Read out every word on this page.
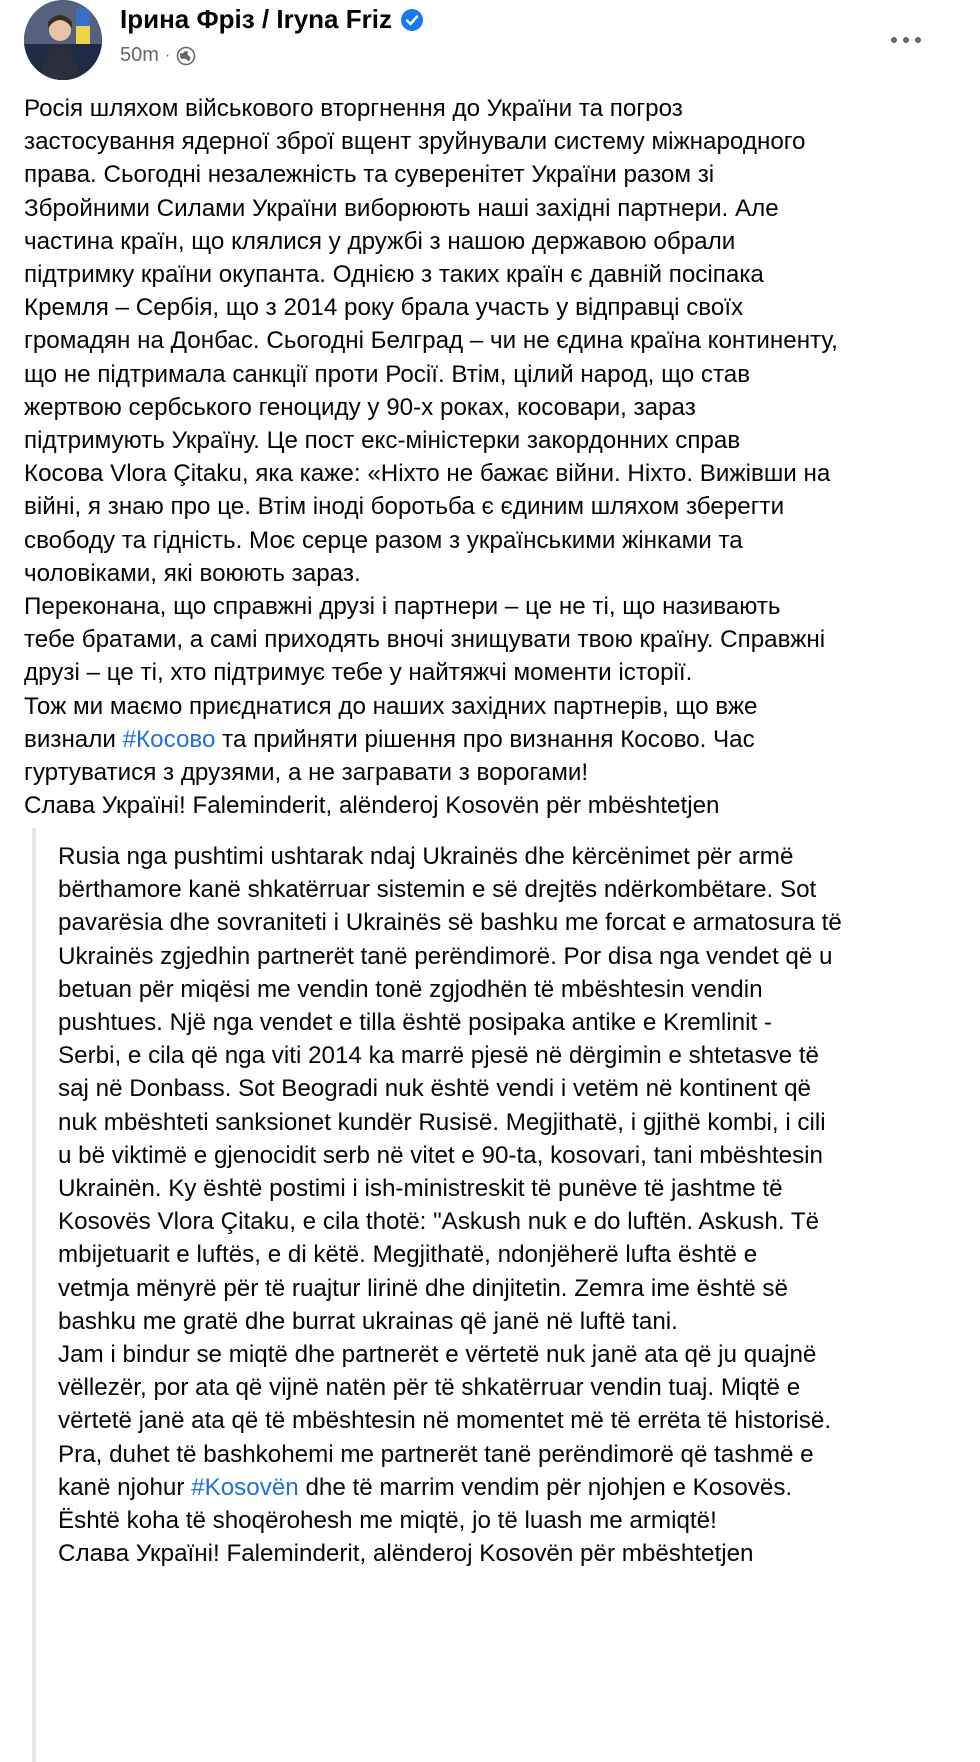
Ірина Фріз / Iryna Friz
50m ·
Росія шляхом військового вторгнення до України та погроз
застосування ядерної зброї вщент зруйнували систему міжнародного
права. Сьогодні незалежність та суверенітет України разом зі
Збройними Силами України виборюють наші західні партнери. Але
частина країн, що клялися у дружбі з нашою державою обрали
підтримку країни окупанта. Однією з таких країн є давній посіпака
Кремля – Сербія, що з 2014 року брала участь у відправці своїх
громадян на Донбас. Сьогодні Белград – чи не єдина країна континенту,
що не підтримала санкції проти Росії. Втім, цілий народ, що став
жертвою сербського геноциду у 90-х роках, косовари, зараз
підтримують Україну. Це пост екс-міністерки закордонних справ
Косова Vlora Çitaku, яка каже: «Ніхто не бажає війни. Ніхто. Вижівши на
війні, я знаю про це. Втім іноді боротьба є єдиним шляхом зберегти
свободу та гідність. Моє серце разом з українськими жінками та
чоловіками, які воюють зараз.
Переконана, що справжні друзі і партнери – це не ті, що називають
тебе братами, а самі приходять вночі знищувати твою країну. Справжні
друзі – це ті, хто підтримує тебе у найтяжчі моменти історії.
Тож ми маємо приєднатися до наших західних партнерів, що вже
визнали #Косово та прийняти рішення про визнання Косово. Час
гуртуватися з друзями, а не загравати з ворогами!
Слава Україні! Faleminderit, alënderoj Kosovën për mbështetjen
Rusia nga pushtimi ushtarak ndaj Ukrainës dhe kërcënimet për armë
bërthamore kanë shkatërruar sistemin e së drejtës ndërkombëtare. Sot
pavarësia dhe sovraniteti i Ukrainës së bashku me forcat e armatosura të
Ukrainës zgjedhin partnerët tanë perëndimorë. Por disa nga vendet që u
betuan për miqësi me vendin tonë zgjodhën të mbështesin vendin
pushtues. Një nga vendet e tilla është posipaka antike e Kremlinit -
Serbi, e cila që nga viti 2014 ka marrë pjesë në dërgimin e shtetasve të
saj në Donbass. Sot Beogradi nuk është vendi i vetëm në kontinent që
nuk mbështeti sanksionet kundër Rusisë. Megjithatë, i gjithë kombi, i cili
u bë viktimë e gjenocidit serb në vitet e 90-ta, kosovari, tani mbështesin
Ukrainën. Ky është postimi i ish-ministreskit të punëve të jashtme të
Kosovës Vlora Çitaku, e cila thotë: "Askush nuk e do luftën. Askush. Të
mbijetuarit e luftës, e di këtë. Megjithatë, ndonjëherë lufta është e
vetmja mënyrë për të ruajtur lirinë dhe dinjitetin. Zemra ime është së
bashku me gratë dhe burrat ukrainas që janë në luftë tani.
Jam i bindur se miqtë dhe partnerët e vërtetë nuk janë ata që ju quajnë
vëllezër, por ata që vijnë natën për të shkatërruar vendin tuaj. Miqtë e
vërtetë janë ata që të mbështesin në momentet më të errëta të historisë.
Pra, duhet të bashkohemi me partnerët tanë perëndimorë që tashmë e
kanë njohur #Kosovën dhe të marrim vendim për njohjen e Kosovës.
Është koha të shoqërohesh me miqtë, jo të luash me armiqtë!
Слава Україні! Faleminderit, alënderoj Kosovën për mbështetjen
